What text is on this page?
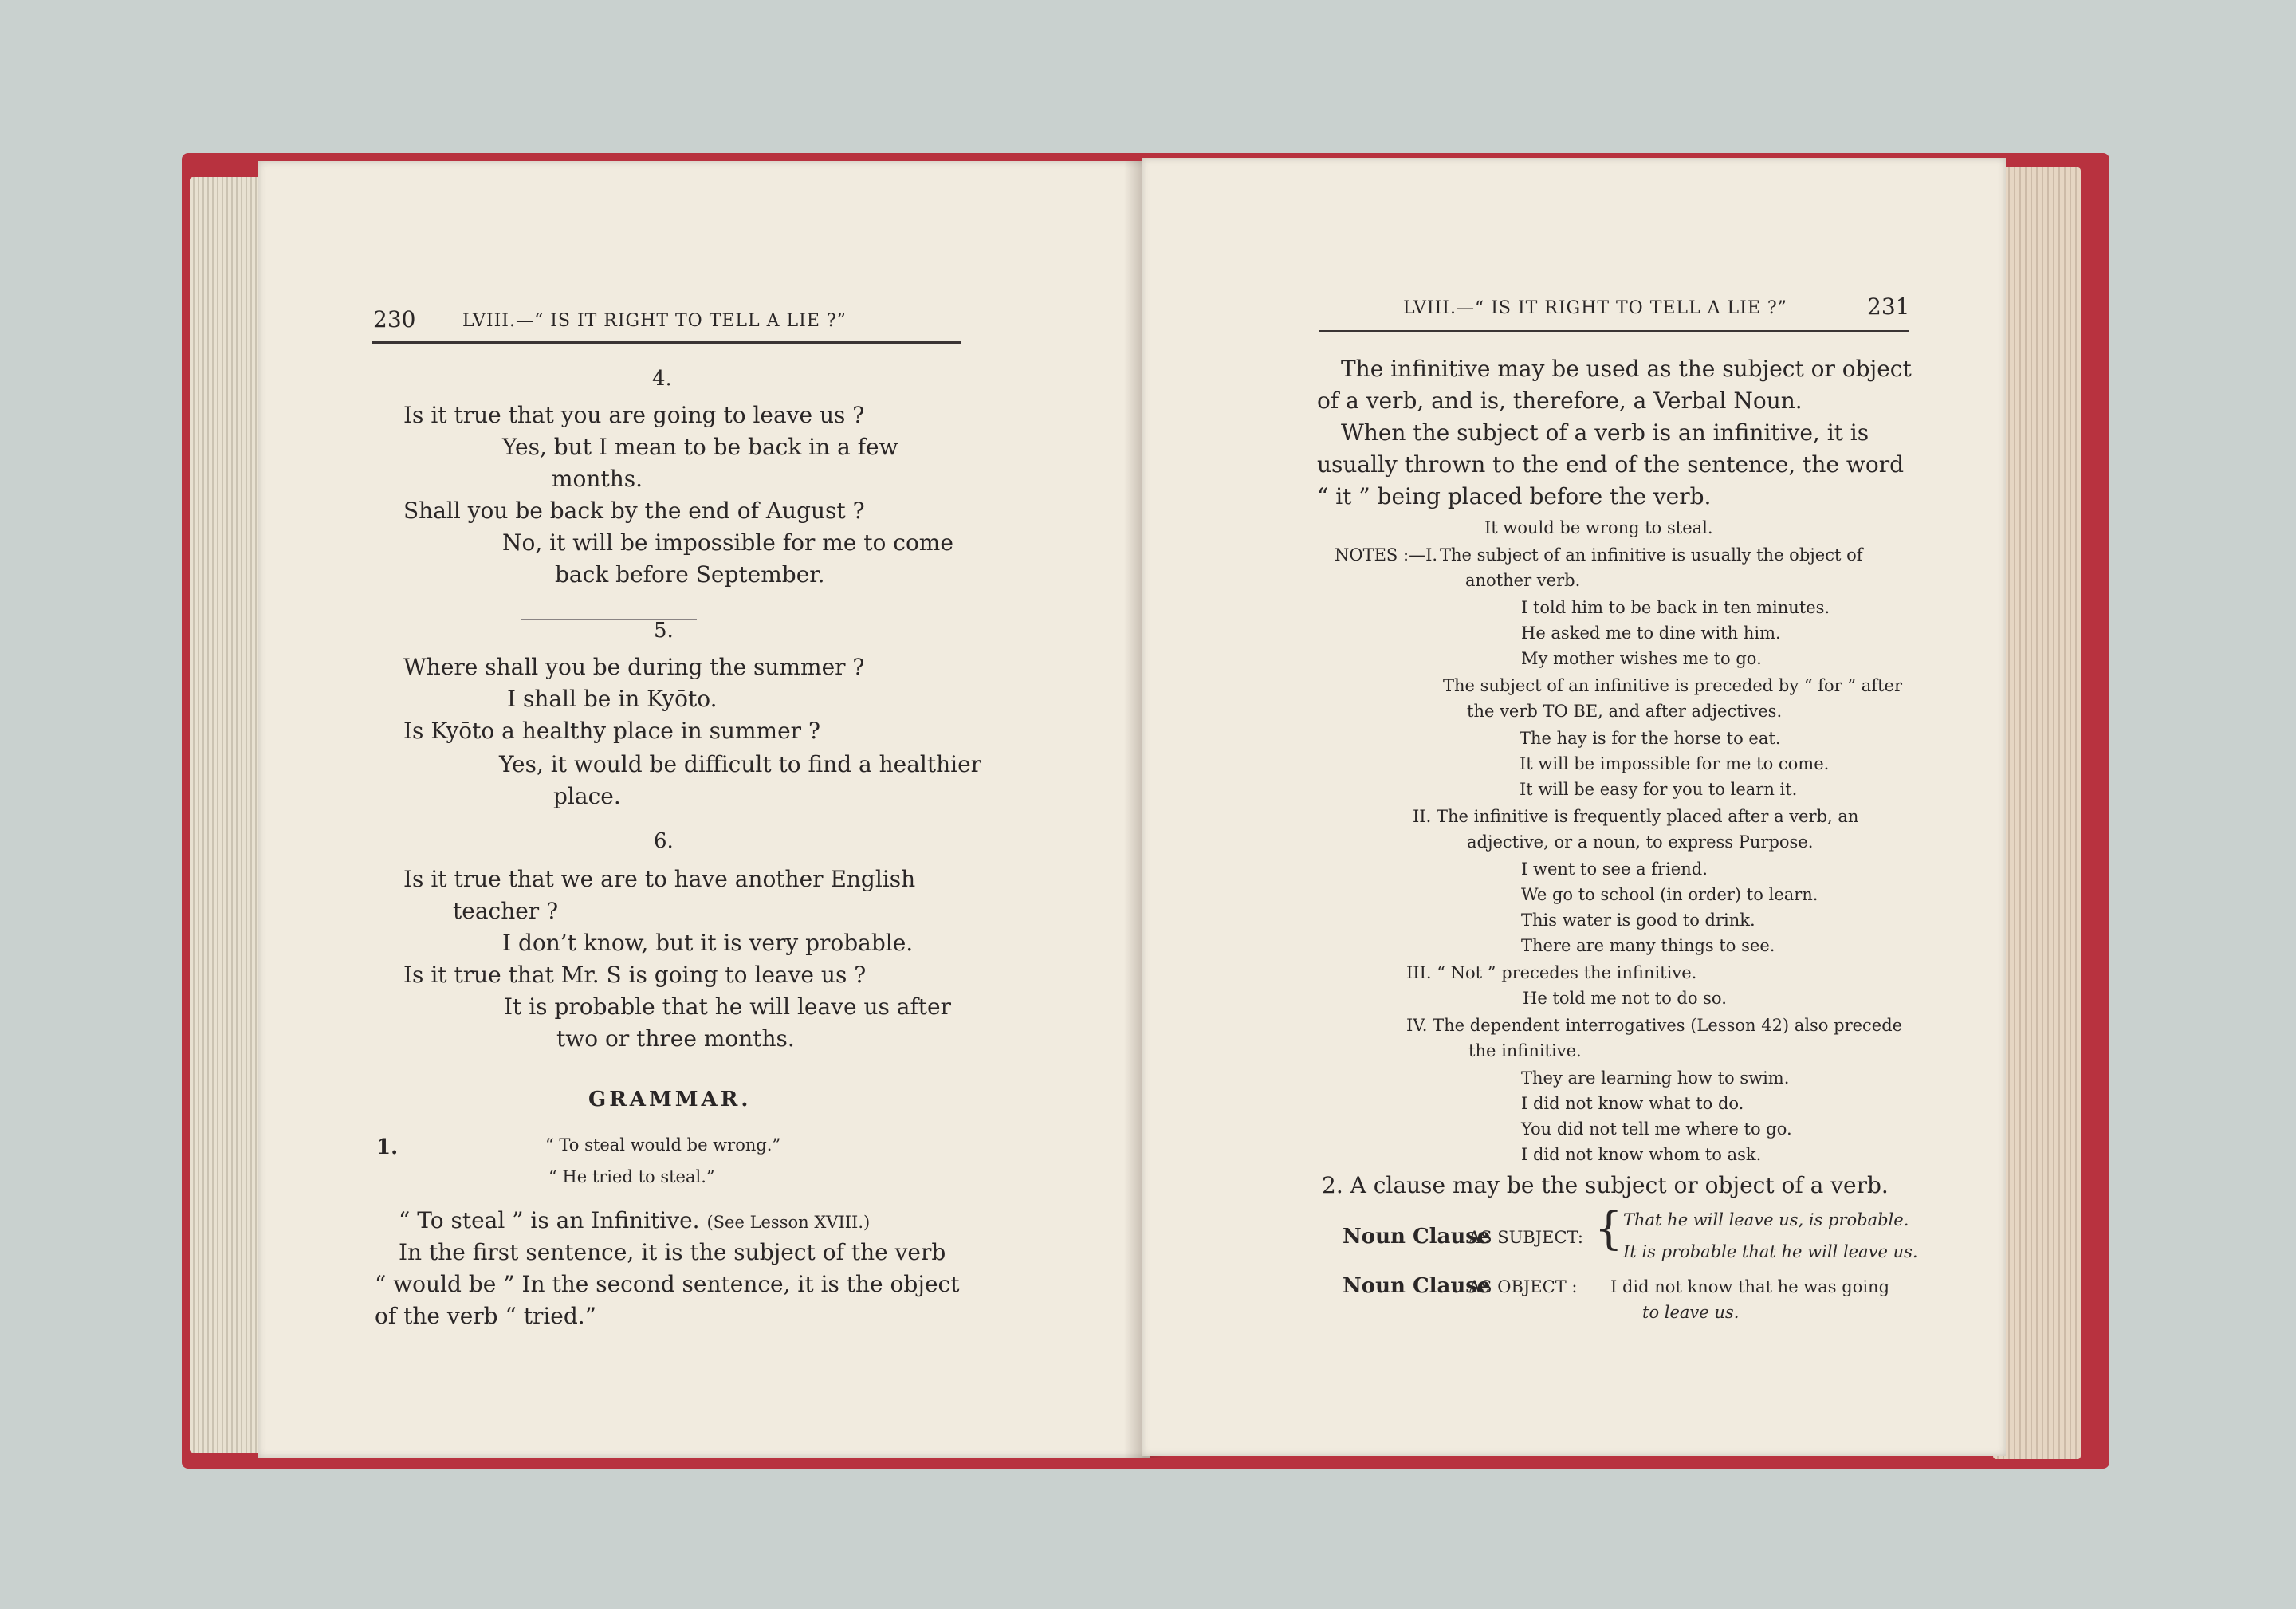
230	LVIII.—“ IS IT RIGHT TO TELL A LIE ?”
4.
Is it true that you are going to leave us ?
Yes, but I mean to be back in a few
months.
Shall you be back by the end of August ?
No, it will be impossible for me to come
back before September.
5.
Where shall you be during the summer ?
I shall be in Kyōto.
Is Kyōto a healthy place in summer ?
Yes, it would be difficult to find a healthier
place.
6.
Is it true that we are to have another English
teacher ?
I don’t know, but it is very probable.
Is it true that Mr. S is going to leave us ?
It is probable that he will leave us after
two or three months.
GRAMMAR.
1.	“ To steal would be wrong.”
“ He tried to steal.”
“ To steal ” is an Infinitive. (See Lesson XVIII.)
In the first sentence, it is the subject of the verb
“ would be ” In the second sentence, it is the object
of the verb “ tried.”
LVIII.—“ IS IT RIGHT TO TELL A LIE ?”	231
The infinitive may be used as the subject or object
of a verb, and is, therefore, a Verbal Noun.
When the subject of a verb is an infinitive, it is
usually thrown to the end of the sentence, the word
“ it ” being placed before the verb.
It would be wrong to steal.
NOTES :—I. The subject of an infinitive is usually the object of
another verb.
I told him to be back in ten minutes.
He asked me to dine with him.
My mother wishes me to go.
The subject of an infinitive is preceded by “ for ” after
the verb TO BE, and after adjectives.
The hay is for the horse to eat.
It will be impossible for me to come.
It will be easy for you to learn it.
II. The infinitive is frequently placed after a verb, an
adjective, or a noun, to express Purpose.
I went to see a friend.
We go to school (in order) to learn.
This water is good to drink.
There are many things to see.
III. “ Not ” precedes the infinitive.
He told me not to do so.
IV. The dependent interrogatives (Lesson 42) also precede
the infinitive.
They are learning how to swim.
I did not know what to do.
You did not tell me where to go.
I did not know whom to ask.
2. A clause may be the subject or object of a verb.
Noun Clause
AS SUBJECT: { That he will leave us, is probable.
It is probable that he will leave us.
Noun Clause
AS OBJECT : I did not know that he was going
to leave us.
